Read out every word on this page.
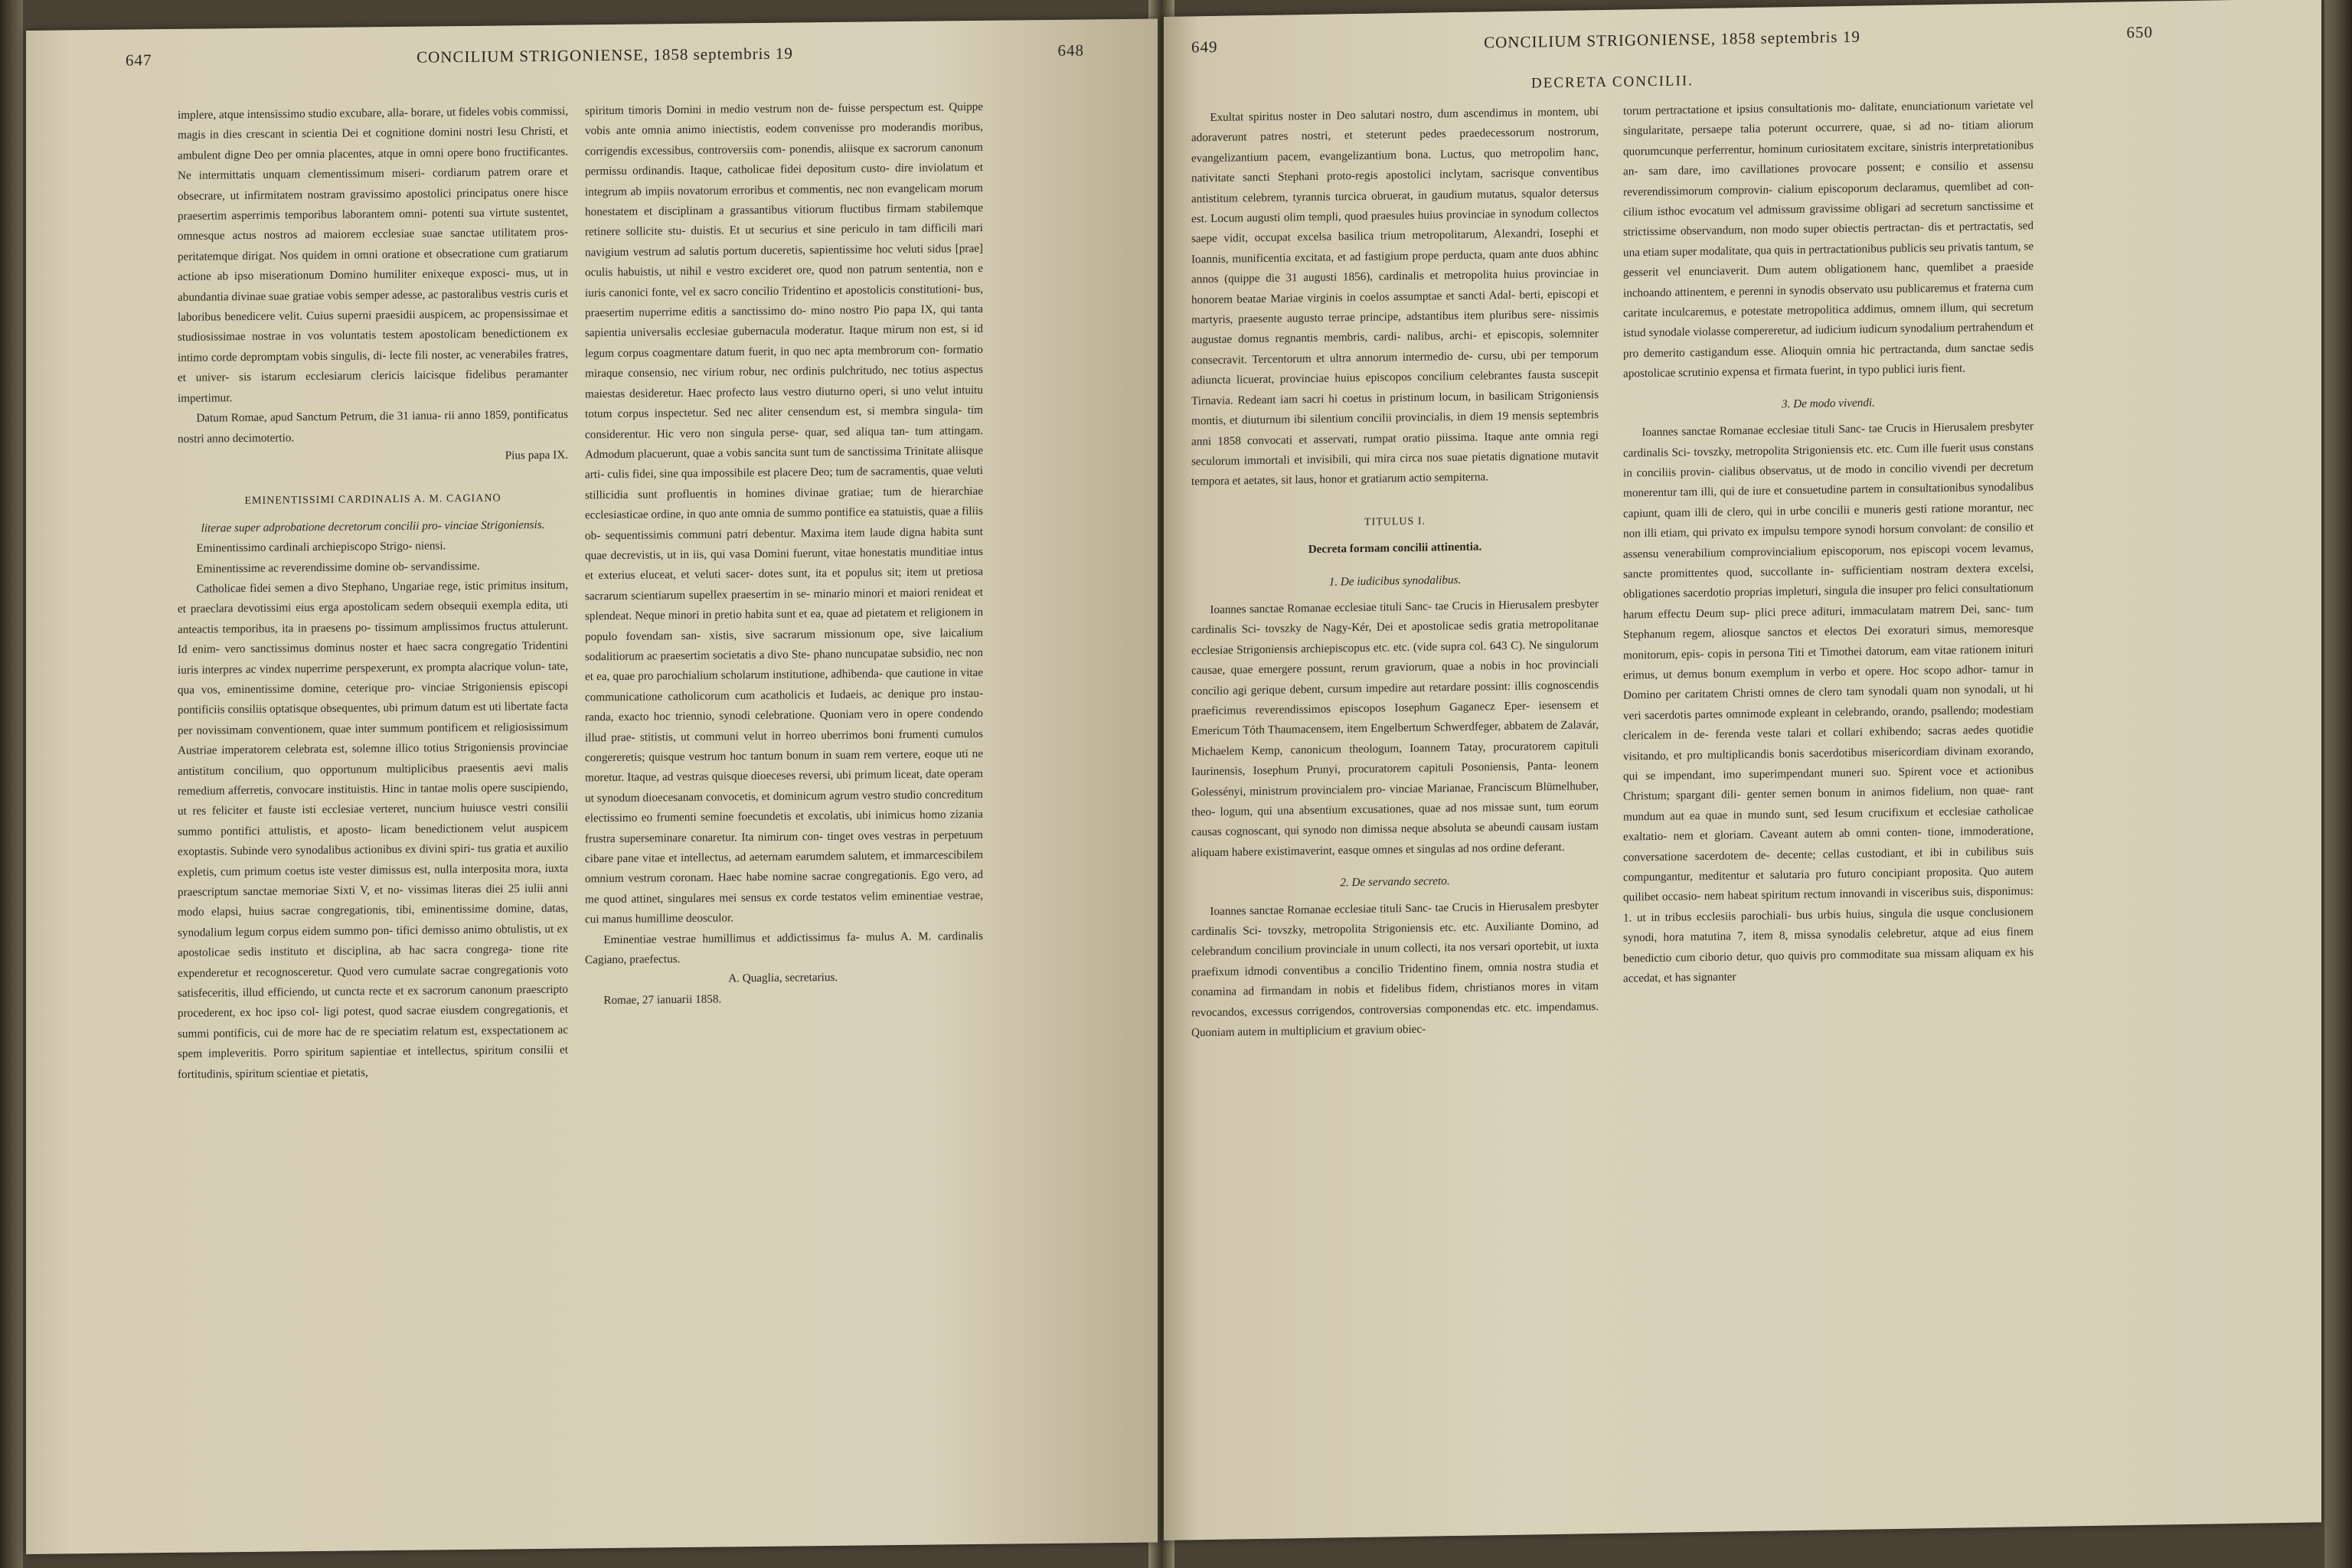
647	CONCILIUM STRIGONIENSE, 1858 septembris 19	648

implere, atque intensissimo studio excubare, alla- borare, ut fideles vobis commissi, magis in dies crescant in scientia Dei et cognitione domini nostri Iesu Christi, et ambulent digne Deo per omnia placentes, atque in omni opere bono fructificantes. Ne intermittatis unquam clementissimum miseri- cordiarum patrem orare et obsecrare, ut infirmitatem nostram gravissimo apostolici principatus onere hisce praesertim asperrimis temporibus laborantem omni- potenti sua virtute sustentet, omnesque actus nostros ad maiorem ecclesiae suae sanctae utilitatem pros- peritatemque dirigat. Nos quidem in omni oratione et obsecratione cum gratiarum actione ab ipso miserationum Domino humiliter enixeque exposci- mus, ut in abundantia divinae suae gratiae vobis semper adesse, ac pastoralibus vestris curis et laboribus benedicere velit. Cuius superni praesidii auspicem, ac propensissimae et studiosissimae nostrae in vos voluntatis testem apostolicam benedictionem ex intimo corde depromptam vobis singulis, di- lecte fili noster, ac venerabiles fratres, et univer- sis istarum ecclesiarum clericis laicisque fidelibus peramanter impertimur.

Datum Romae, apud Sanctum Petrum, die 31 ianua- rii anno 1859, pontificatus nostri anno decimotertio.

Pius papa IX.

EMINENTISSIMI CARDINALIS A. M. CAGIANO

literae super adprobatione decretorum concilii pro- vinciae Strigoniensis.

Eminentissimo cardinali archiepiscopo Strigo- niensi.

Eminentissime ac reverendissime domine ob- servandissime.

Catholicae fidei semen a divo Stephano, Ungariae rege, istic primitus insitum, et praeclara devotissimi eius erga apostolicam sedem obsequii exempla edita, uti anteactis temporibus, ita in praesens po- tissimum amplissimos fructus attulerunt. Id enim- vero sanctissimus dominus noster et haec sacra congregatio Tridentini iuris interpres ac vindex nuperrime perspexerunt, ex prompta alacrique volun- tate, qua vos, eminentissime domine, ceterique pro- vinciae Strigoniensis episcopi pontificiis consiliis optatisque obsequentes, ubi primum datum est uti libertate facta per novissimam conventionem, quae inter summum pontificem et religiosissimum Austriae imperatorem celebrata est, solemne illico totius Strigoniensis provinciae antistitum concilium, quo opportunum multiplicibus praesentis aevi malis remedium afferretis, convocare instituistis. Hinc in tantae molis opere suscipiendo, ut res feliciter et fauste isti ecclesiae verteret, nuncium huiusce vestri consilii summo pontifici attulistis, et aposto- licam benedictionem velut auspicem exoptastis. Subinde vero synodalibus actionibus ex divini spiri- tus gratia et auxilio expletis, cum primum coetus iste vester dimissus est, nulla interposita mora, iuxta praescriptum sanctae memoriae Sixti V, et no- vissimas literas diei 25 iulii anni modo elapsi, huius sacrae congregationis, tibi, eminentissime domine, datas, synodalium legum corpus eidem summo pon- tifici demisso animo obtulistis, ut ex apostolicae sedis instituto et disciplina, ab hac sacra congrega- tione rite expenderetur et recognosceretur. Quod vero cumulate sacrae congregationis voto satisfeceritis, illud efficiendo, ut cuncta recte et ex sacrorum canonum praescripto procederent, ex hoc ipso col- ligi potest, quod sacrae eiusdem congregationis, et summi pontificis, cui de more hac de re speciatim relatum est, exspectationem ac spem impleveritis. Porro spiritum sapientiae et intellectus, spiritum consilii et fortitudinis, spiritum scientiae et pietatis,

spiritum timoris Domini in medio vestrum non de- fuisse perspectum est. Quippe vobis ante omnia animo iniectistis, eodem convenisse pro moderandis moribus, corrigendis excessibus, controversiis com- ponendis, aliisque ex sacrorum canonum permissu ordinandis. Itaque, catholicae fidei depositum custo- dire inviolatum et integrum ab impiis novatorum erroribus et commentis, nec non evangelicam morum honestatem et disciplinam a grassantibus vitiorum fluctibus firmam stabilemque retinere sollicite stu- duistis. Et ut securius et sine periculo in tam difficili mari navigium vestrum ad salutis portum duceretis, sapientissime hoc veluti sidus [prae] oculis habuistis, ut nihil e vestro excideret ore, quod non patrum sententia, non e iuris canonici fonte, vel ex sacro concilio Tridentino et apostolicis constitutioni- bus, praesertim nuperrime editis a sanctissimo do- mino nostro Pio papa IX, qui tanta sapientia universalis ecclesiae gubernacula moderatur. Itaque mirum non est, si id legum corpus coagmentare datum fuerit, in quo nec apta membrorum con- formatio miraque consensio, nec virium robur, nec ordinis pulchritudo, nec totius aspectus maiestas desideretur. Haec profecto laus vestro diuturno operi, si uno velut intuitu totum corpus inspectetur. Sed nec aliter censendum est, si membra singula- tim considerentur. Hic vero non singula perse- quar, sed aliqua tan- tum attingam. Admodum placuerunt, quae a vobis sancita sunt tum de sanctissima Trinitate aliisque arti- culis fidei, sine qua impossibile est placere Deo; tum de sacramentis, quae veluti stillicidia sunt profluentis in homines divinae gratiae; tum de hierarchiae ecclesiasticae ordine, in quo ante omnia de summo pontifice ea statuistis, quae a filiis ob- sequentissimis communi patri debentur. Maxima item laude digna habita sunt quae decrevistis, ut in iis, qui vasa Domini fuerunt, vitae honestatis munditiae intus et exterius eluceat, et veluti sacer- dotes sunt, ita et populus sit; item ut pretiosa sacrarum scientiarum supellex praesertim in se- minario minori et maiori renideat et splendeat. Neque minori in pretio habita sunt et ea, quae ad pietatem et religionem in populo fovendam san- xistis, sive sacrarum missionum ope, sive laicalium sodalitiorum ac praesertim societatis a divo Ste- phano nuncupatae subsidio, nec non et ea, quae pro parochialium scholarum institutione, adhibenda- que cautione in vitae communicatione catholicorum cum acatholicis et Iudaeis, ac denique pro instau- randa, exacto hoc triennio, synodi celebratione. Quoniam vero in opere condendo illud prae- stitistis, ut communi velut in horreo uberrimos boni frumenti cumulos congereretis; quisque vestrum hoc tantum bonum in suam rem vertere, eoque uti ne moretur. Itaque, ad vestras quisque dioeceses reversi, ubi primum liceat, date operam ut synodum dioecesanam convocetis, et dominicum agrum vestro studio concreditum electissimo eo frumenti semine foecundetis et excolatis, ubi inimicus homo zizania frustra superseminare conaretur. Ita nimirum con- tinget oves vestras in perpetuum cibare pane vitae et intellectus, ad aeternam earumdem salutem, et immarcescibilem omnium vestrum coronam. Haec habe nomine sacrae congregationis. Ego vero, ad me quod attinet, singulares mei sensus ex corde testatos velim eminentiae vestrae, cui manus humillime deosculor.

Eminentiae vestrae humillimus et addictissimus fa- mulus A. M. cardinalis Cagiano, praefectus.

A. Quaglia, secretarius.

Romae, 27 ianuarii 1858.

649	CONCILIUM STRIGONIENSE, 1858 septembris 19	650

DECRETA CONCILII.

Exultat spiritus noster in Deo salutari nostro, dum ascendimus in montem, ubi adoraverunt patres nostri, et steterunt pedes praedecessorum nostrorum, evangelizantium pacem, evangelizantium bona. Luctus, quo metropolim hanc, nativitate sancti Stephani proto-regis apostolici inclytam, sacrisque conventibus antistitum celebrem, tyrannis turcica obruerat, in gaudium mutatus, squalor detersus est. Locum augusti olim templi, quod praesules huius provinciae in synodum collectos saepe vidit, occupat excelsa basilica trium metropolitarum, Alexandri, Iosephi et Ioannis, munificentia excitata, et ad fastigium prope perducta, quam ante duos abhinc annos (quippe die 31 augusti 1856), cardinalis et metropolita huius provinciae in honorem beatae Mariae virginis in coelos assumptae et sancti Adal- berti, episcopi et martyris, praesente augusto terrae principe, adstantibus item pluribus sere- nissimis augustae domus regnantis membris, cardi- nalibus, archi- et episcopis, solemniter consecravit. Tercentorum et ultra annorum intermedio de- cursu, ubi per temporum adiuncta licuerat, provinciae huius episcopos concilium celebrantes fausta suscepit Tirnavia. Redeant iam sacri hi coetus in pristinum locum, in basilicam Strigoniensis montis, et diuturnum ibi silentium concilii provincialis, in diem 19 mensis septembris anni 1858 convocati et asservati, rumpat oratio piissima. Itaque ante omnia regi seculorum immortali et invisibili, qui mira circa nos suae pietatis dignatione mutavit tempora et aetates, sit laus, honor et gratiarum actio sempiterna.

TITULUS I.

Decreta formam concilii attinentia.

1. De iudicibus synodalibus.

Ioannes sanctae Romanae ecclesiae tituli Sanc- tae Crucis in Hierusalem presbyter cardinalis Sci- tovszky de Nagy-Kér, Dei et apostolicae sedis gratia metropolitanae ecclesiae Strigoniensis archiepiscopus etc. etc. (vide supra col. 643 C). Ne singulorum causae, quae emergere possunt, rerum graviorum, quae a nobis in hoc provinciali concilio agi gerique debent, cursum impedire aut retardare possint: illis cognoscendis praeficimus reverendissimos episcopos Iosephum Gaganecz Eper- iesensem et Emericum Tóth Thaumacensem, item Engelbertum Schwerdfeger, abbatem de Zalavár, Michaelem Kemp, canonicum theologum, Ioannem Tatay, procuratorem capituli Iaurinensis, Iosephum Prunyi, procuratorem capituli Posoniensis, Panta- leonem Golessényi, ministrum provincialem pro- vinciae Marianae, Franciscum Blümelhuber, theo- logum, qui una absentium excusationes, quae ad nos missae sunt, tum eorum causas cognoscant, qui synodo non dimissa neque absoluta se abeundi causam iustam aliquam habere existimaverint, easque omnes et singulas ad nos ordine deferant.

2. De servando secreto.

Ioannes sanctae Romanae ecclesiae tituli Sanc- tae Crucis in Hierusalem presbyter cardinalis Sci- tovszky, metropolita Strigoniensis etc. etc. Auxiliante Domino, ad celebrandum concilium provinciale in unum collecti, ita nos versari oportebit, ut iuxta praefixum idmodi conventibus a concilio Tridentino finem, omnia nostra studia et conamina ad firmandam in nobis et fidelibus fidem, christianos mores in vitam revocandos, excessus corrigendos, controversias componendas etc. etc. impendamus. Quoniam autem in multiplicium et gravium obiec-

torum pertractatione et ipsius consultationis mo- dalitate, enunciationum varietate vel singularitate, persaepe talia poterunt occurrere, quae, si ad no- titiam aliorum quorumcunque perferrentur, hominum curiositatem excitare, sinistris interpretationibus an- sam dare, imo cavillationes provocare possent; e consilio et assensu reverendissimorum comprovin- cialium episcoporum declaramus, quemlibet ad con- cilium isthoc evocatum vel admissum gravissime obligari ad secretum sanctissime et strictissime observandum, non modo super obiectis pertractan- dis et pertractatis, sed una etiam super modalitate, qua quis in pertractationibus publicis seu privatis tantum, se gesserit vel enunciaverit. Dum autem obligationem hanc, quemlibet a praeside inchoando attinentem, e perenni in synodis observato usu publicaremus et fraterna cum caritate inculcaremus, e potestate metropolitica addimus, omnem illum, qui secretum istud synodale violasse compereretur, ad iudicium iudicum synodalium pertrahendum et pro demerito castigandum esse. Alioquin omnia hic pertractanda, dum sanctae sedis apostolicae scrutinio expensa et firmata fuerint, in typo publici iuris fient.

3. De modo vivendi.

Ioannes sanctae Romanae ecclesiae tituli Sanc- tae Crucis in Hierusalem presbyter cardinalis Sci- tovszky, metropolita Strigoniensis etc. etc. Cum ille fuerit usus constans in conciliis provin- cialibus observatus, ut de modo in concilio vivendi per decretum monerentur tam illi, qui de iure et consuetudine partem in consultationibus synodalibus capiunt, quam illi de clero, qui in urbe concilii e muneris gesti ratione morantur, nec non illi etiam, qui privato ex impulsu tempore synodi horsum convolant: de consilio et assensu venerabilium comprovincialium episcoporum, nos episcopi vocem levamus, sancte promittentes quod, succollante in- sufficientiam nostram dextera excelsi, obligationes sacerdotio proprias impleturi, singula die insuper pro felici consultationum harum effectu Deum sup- plici prece adituri, immaculatam matrem Dei, sanc- tum Stephanum regem, aliosque sanctos et electos Dei exoraturi simus, memoresque monitorum, epis- copis in persona Titi et Timothei datorum, eam vitae rationem inituri erimus, ut demus bonum exemplum in verbo et opere. Hoc scopo adhor- tamur in Domino per caritatem Christi omnes de clero tam synodali quam non synodali, ut hi veri sacerdotis partes omnimode expleant in celebrando, orando, psallendo; modestiam clericalem in de- ferenda veste talari et collari exhibendo; sacras aedes quotidie visitando, et pro multiplicandis bonis sacerdotibus misericordiam divinam exorando, qui se impendant, imo superimpendant muneri suo. Spirent voce et actionibus Christum; spargant dili- genter semen bonum in animos fidelium, non quae- rant mundum aut ea quae in mundo sunt, sed Iesum crucifixum et ecclesiae catholicae exaltatio- nem et gloriam. Caveant autem ab omni conten- tione, immoderatione, conversatione sacerdotem de- decente; cellas custodiant, et ibi in cubilibus suis compungantur, meditentur et salutaria pro futuro concipiant proposita. Quo autem quilibet occasio- nem habeat spiritum rectum innovandi in visceribus suis, disponimus: 1. ut in tribus ecclesiis parochiali- bus urbis huius, singula die usque conclusionem synodi, hora matutina 7, item 8, missa synodalis celebretur, atque ad eius finem benedictio cum ciborio detur, quo quivis pro commoditate sua missam aliquam ex his accedat, et has signanter
